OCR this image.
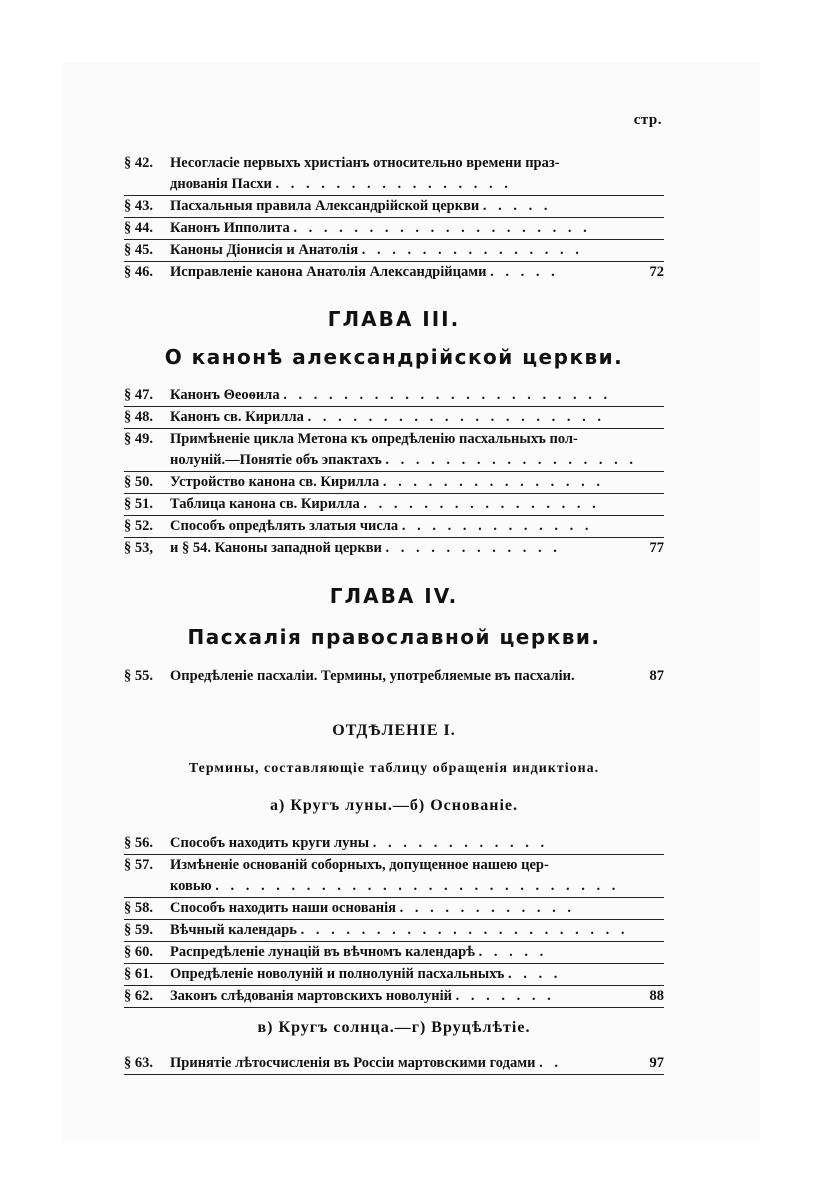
стр.
§ 42. Несогласіе первыхъ христіанъ относительно времени праз-
днованія Пасхи . . . . . . . . . . . . . . . .
§ 43. Пасхальныя правила Александрійской церкви . . . . .
§ 44. Канонъ Ипполита . . . . . . . . . . . . . . . . . . . .
§ 45. Каноны Діонисія и Анатолія . . . . . . . . . . . . . . .
§ 46. Исправленіе канона Анатолія Александрійцами . . . . .	72
ГЛАВА III.
О канонѣ александрійской церкви.
§ 47. Канонъ Θеоѳила . . . . . . . . . . . . . . . . . . . . . .
§ 48. Канонъ св. Кирилла . . . . . . . . . . . . . . . . . . . .
§ 49. Примѣненіе цикла Метона къ опредѣленію пасхальныхъ пол-
нолуній.—Понятіе объ эпактахъ . . . . . . . . . . . . . . . . .
§ 50. Устройство канона св. Кирилла . . . . . . . . . . . . . . .
§ 51. Таблица канона св. Кирилла . . . . . . . . . . . . . . . .
§ 52. Способъ опредѣлять златыя числа . . . . . . . . . . . . .
§ 53, и § 54. Каноны западной церкви . . . . . . . . . . . .	77
ГЛАВА IV.
Пасхалія православной церкви.
§ 55. Опредѣленіе пасхаліи. Термины, употребляемые въ пасхаліи.	87
ОТДѢЛЕНІЕ I.
Термины, составляющіе таблицу обращенія индиктіона.
а) Кругъ луны.—б) Основаніе.
§ 56. Способъ находить круги луны . . . . . . . . . . . .
§ 57. Измѣненіе основаній соборныхъ, допущенное нашею цер-
ковью . . . . . . . . . . . . . . . . . . . . . . . . . . .
§ 58. Способъ находить наши основанія . . . . . . . . . . . .
§ 59. Вѣчный календарь . . . . . . . . . . . . . . . . . . . . . .
§ 60. Распредѣленіе лунацій въ вѣчномъ календарѣ . . . . .
§ 61. Опредѣленіе новолуній и полнолуній пасхальныхъ . . . .
§ 62. Законъ слѣдованія мартовскихъ новолуній . . . . . . .	88
в) Кругъ солнца.—г) Вруцѣлѣтіе.
§ 63. Принятіе лѣтосчисленія въ Россіи мартовскими годами . .	97
